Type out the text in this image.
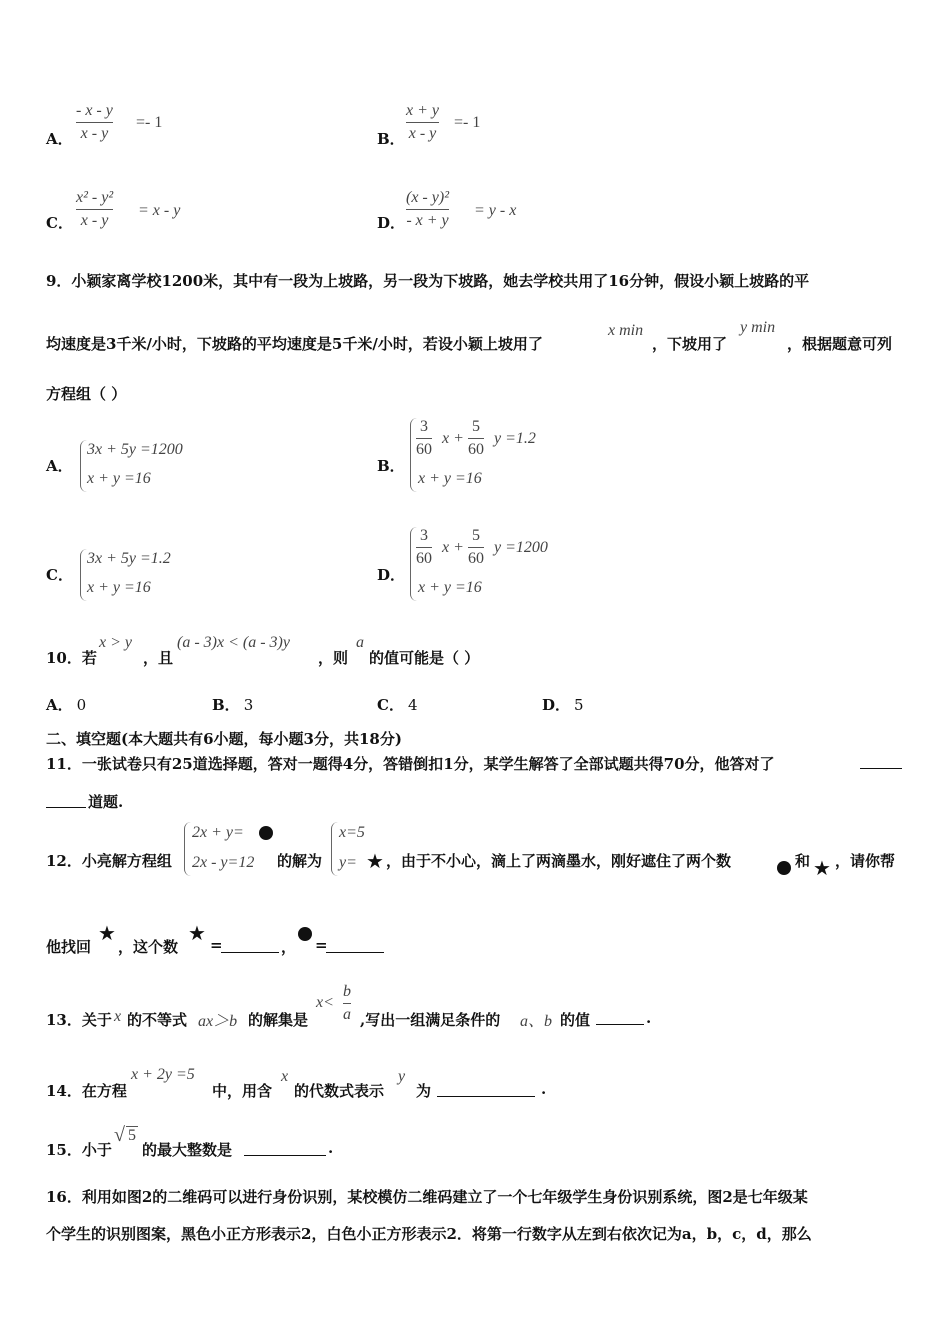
A．
- x - y
x - y
=- 1
B．
x + y
x - y
=- 1
C．
x² - y²
x - y
= x - y
D．
(x - y)²
- x + y
= y - x
9．小颖家离学校1200米，其中有一段为上坡路，另一段为下坡路，她去学校共用了16分钟，假设小颖上坡路的平
均速度是3千米/小时，下坡路的平均速度是5千米/小时，若设小颖上坡用了
x min
，下坡用了
y min
，根据题意可列
方程组（ ）
A．
3x + 5y =1200
x + y =16
B．
3
60
x +
5
60
y =1.2
x + y =16
C．
3x + 5y =1.2
x + y =16
D．
3
60
x +
5
60
y =1200
x + y =16
10．若
x > y
，且
(a - 3)x < (a - 3)y
，则
a
的值可能是（ ）
A． 0	B． 3	C． 4	D． 5
二、填空题(本大题共有6小题，每小题3分，共18分)
11．一张试卷只有25道选择题，答对一题得4分，答错倒扣1分，某学生解答了全部试题共得70分，他答对了
道题.
12．小亮解方程组
2x + y=
2x - y=12 的解为
x=5
y= ★ ，由于不小心，滴上了两滴墨水，刚好遮住了两个数	和 ★ ，请你帮
他找回
★
，这个数
★ =	， =
13．关于 x 的不等式 ax＞b 的解集是
x<
b
a ,写出一组满足条件的 a、b 的值	.
14．在方程
x + 2y =5
中，用含
x
的代数式表示
y
为	.
15．小于
√ 5
的最大整数是	.
16．利用如图2的二维码可以进行身份识别，某校模仿二维码建立了一个七年级学生身份识别系统，图2是七年级某
个学生的识别图案，黑色小正方形表示2，白色小正方形表示2．将第一行数字从左到右依次记为a，b，c，d，那么
